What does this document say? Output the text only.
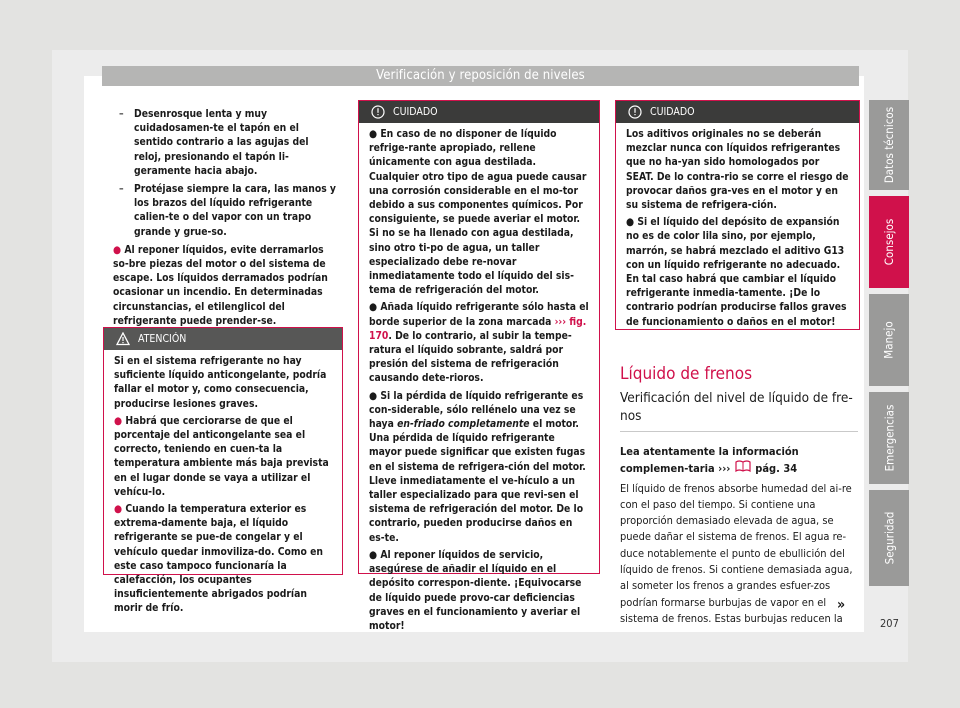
Verificación y reposición de niveles

– Desenrosque lenta y muy cuidadosamen-te el tapón en el sentido contrario a las agujas del reloj, presionando el tapón li-geramente hacia abajo.

– Protéjase siempre la cara, las manos y los brazos del líquido refrigerante calien-te o del vapor con un trapo grande y grue-so.

● Al reponer líquidos, evite derramarlos so-bre piezas del motor o del sistema de escape. Los líquidos derramados podrían ocasionar un incendio. En determinadas circunstancias, el etilenglicol del refrigerante puede prender-se.

ATENCIÓN

Si en el sistema refrigerante no hay suficiente líquido anticongelante, podría fallar el motor y, como consecuencia, producirse lesiones graves.

● Habrá que cerciorarse de que el porcentaje del anticongelante sea el correcto, teniendo en cuen-ta la temperatura ambiente más baja prevista en el lugar donde se vaya a utilizar el vehícu-lo.

● Cuando la temperatura exterior es extrema-damente baja, el líquido refrigerante se pue-de congelar y el vehículo quedar inmoviliza-do. Como en este caso tampoco funcionaría la calefacción, los ocupantes insuficientemente abrigados podrían morir de frío.

CUIDADO

● En caso de no disponer de líquido refrige-rante apropiado, rellene únicamente con agua destilada. Cualquier otro tipo de agua puede causar una corrosión considerable en el mo-tor debido a sus componentes químicos. Por consiguiente, se puede averiar el motor. Si no se ha llenado con agua destilada, sino otro ti-po de agua, un taller especializado debe re-novar inmediatamente todo el líquido del sis-tema de refrigeración del motor.

● Añada líquido refrigerante sólo hasta el borde superior de la zona marcada ››› fig. 170. De lo contrario, al subir la tempe-ratura el líquido sobrante, saldrá por presión del sistema de refrigeración causando dete-rioros.

● Si la pérdida de líquido refrigerante es con-siderable, sólo rellénelo una vez se haya en-friado completamente el motor. Una pérdida de líquido refrigerante mayor puede significar que existen fugas en el sistema de refrigera-ción del motor. Lleve inmediatamente el ve-hículo a un taller especializado para que revi-sen el sistema de refrigeración del motor. De lo contrario, pueden producirse daños en es-te.

● Al reponer líquidos de servicio, asegúrese de añadir el líquido en el depósito correspon-diente. ¡Equivocarse de líquido puede provo-car deficiencias graves en el funcionamiento y averiar el motor!

CUIDADO

Los aditivos originales no se deberán mezclar nunca con líquidos refrigerantes que no ha-yan sido homologados por SEAT. De lo contra-rio se corre el riesgo de provocar daños gra-ves en el motor y en su sistema de refrigera-ción.

● Si el líquido del depósito de expansión no es de color lila sino, por ejemplo, marrón, se habrá mezclado el aditivo G13 con un líquido refrigerante no adecuado. En tal caso habrá que cambiar el líquido refrigerante inmedia-tamente. ¡De lo contrario podrían producirse fallos graves de funcionamiento o daños en el motor!

Líquido de frenos
Verificación del nivel de líquido de fre-nos

Lea atentamente la información complemen-taria ››› pág. 34

El líquido de frenos absorbe humedad del ai-re con el paso del tiempo. Si contiene una proporción demasiado elevada de agua, se puede dañar el sistema de frenos. El agua re-duce notablemente el punto de ebullición del líquido de frenos. Si contiene demasiada agua, al someter los frenos a grandes esfuer-zos podrían formarse burbujas de vapor en el sistema de frenos. Estas burbujas reducen la

»
Datos técnicos
Consejos
Manejo
Emergencias
Seguridad
207
